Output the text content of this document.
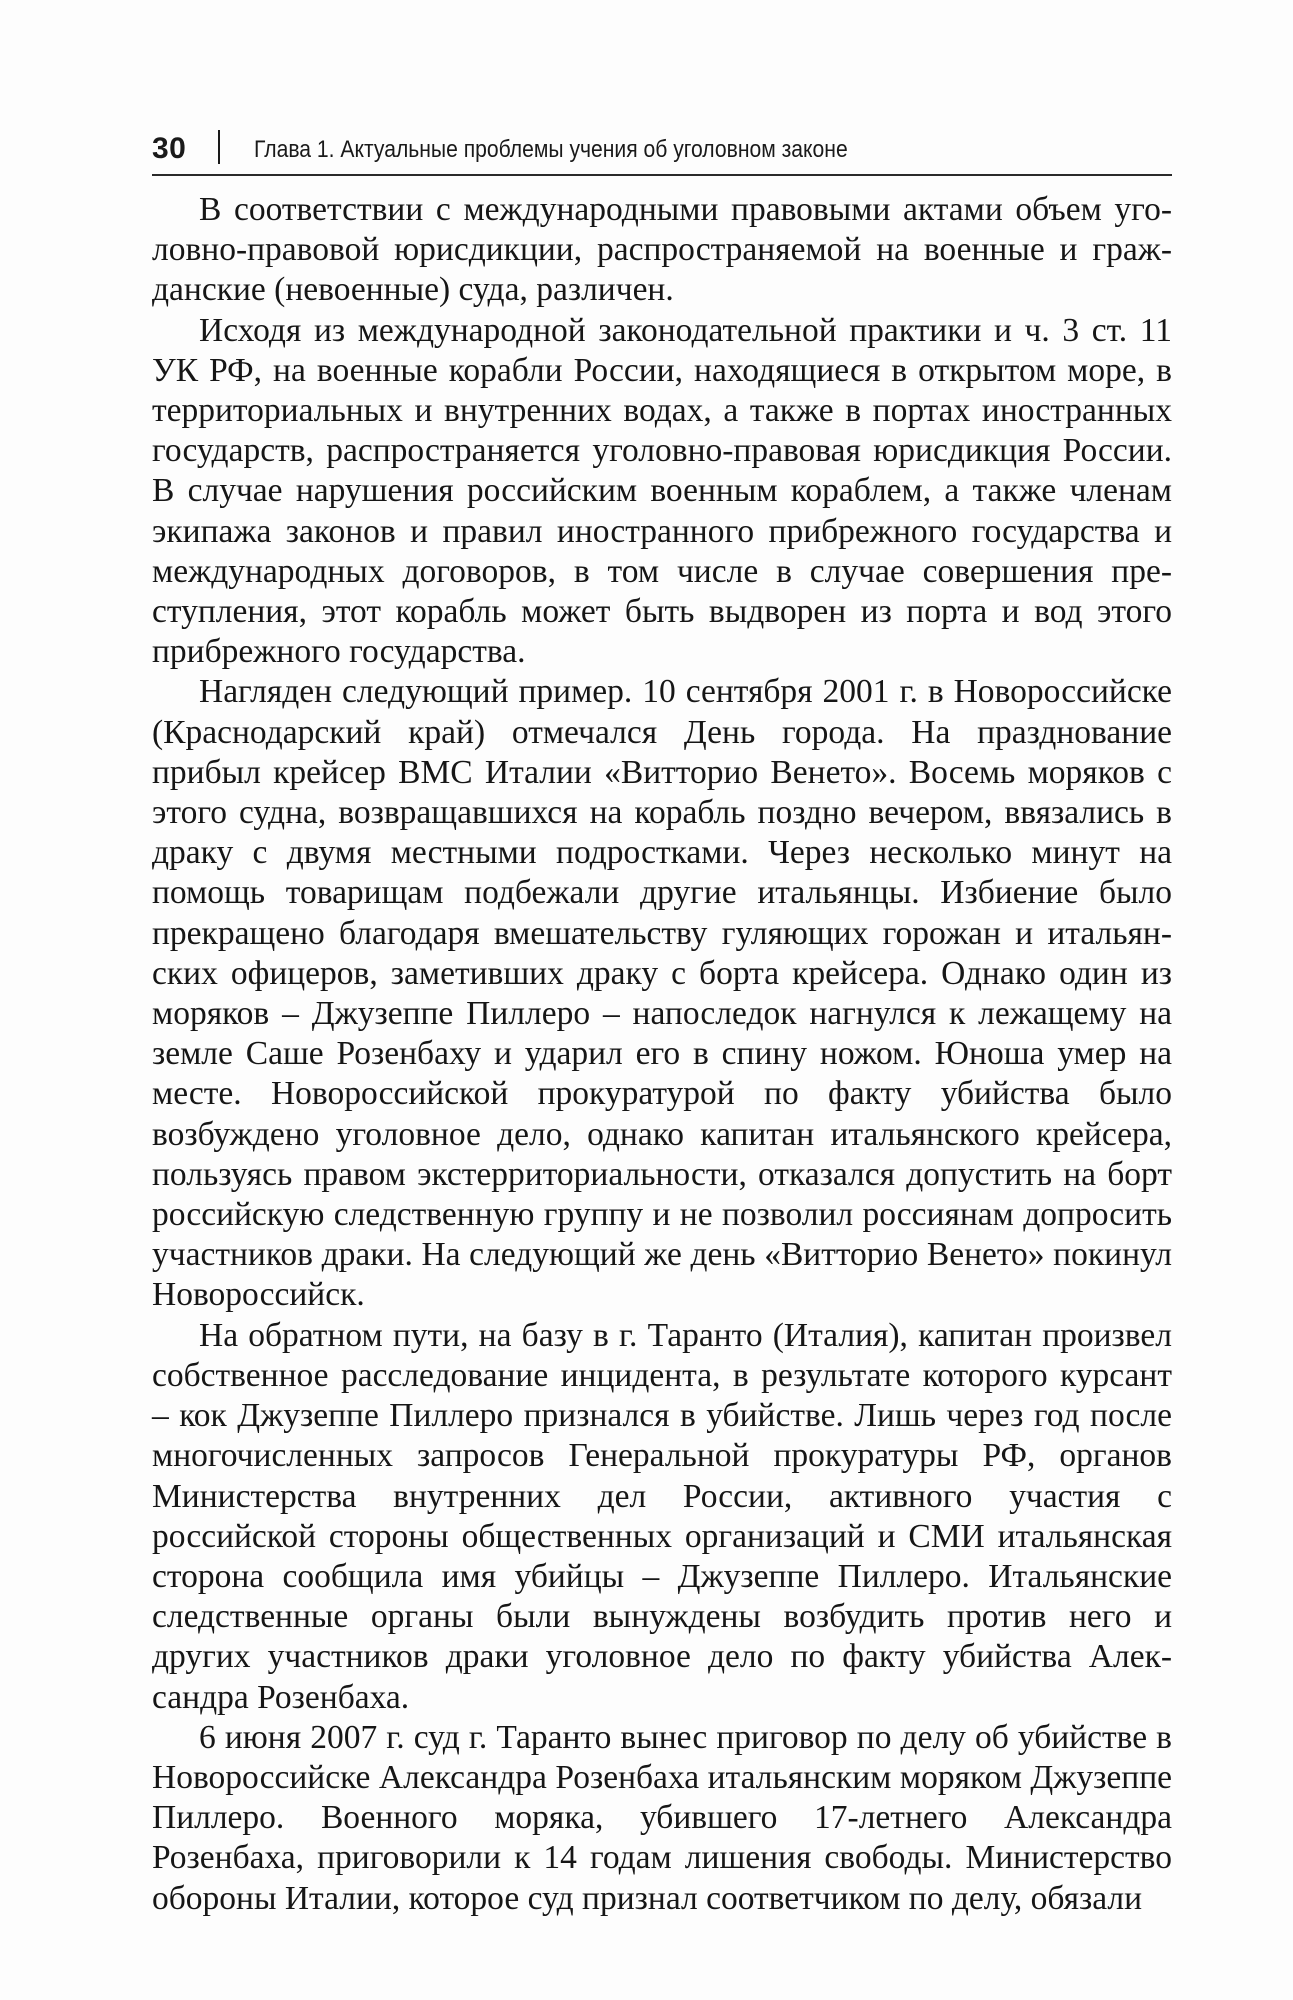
30	Глава 1. Актуальные проблемы учения об уголовном законе

В соответствии с международными правовыми актами объем уголовно-правовой юрисдикции, распространяемой на военные и гражданские (невоенные) суда, различен.

Исходя из международной законодательной практики и ч. 3 ст. 11 УК РФ, на военные корабли России, находящиеся в открытом море, в территориальных и внутренних водах, а также в портах иностранных государств, распространяется уголовно-правовая юрисдикция России. В случае нарушения российским военным кораблем, а также членам экипажа законов и правил иностранного прибрежного государства и международных договоров, в том числе в случае совершения преступления, этот корабль может быть выдворен из порта и вод этого прибрежного государства.

Нагляден следующий пример. 10 сентября 2001 г. в Новороссийске (Краснодарский край) отмечался День города. На празднование прибыл крейсер ВМС Италии «Витторио Венето». Восемь моряков с этого судна, возвращавшихся на корабль поздно вечером, ввязались в драку с двумя местными подростками. Через несколько минут на помощь товарищам подбежали другие итальянцы. Избиение было прекращено благодаря вмешательству гуляющих горожан и итальянских офицеров, заметивших драку с борта крейсера. Однако один из моряков – Джузеппе Пиллеро – напоследок нагнулся к лежащему на земле Саше Розенбаху и ударил его в спину ножом. Юноша умер на месте. Новороссийской прокуратурой по факту убийства было возбуждено уголовное дело, однако капитан итальянского крейсера, пользуясь правом экстерриториальности, отказался допустить на борт российскую следственную группу и не позволил россиянам допросить участников драки. На следующий же день «Витторио Венето» покинул Новороссийск.

На обратном пути, на базу в г. Таранто (Италия), капитан произвел собственное расследование инцидента, в результате которого курсант – кок Джузеппе Пиллеро признался в убийстве. Лишь через год после многочисленных запросов Генеральной прокуратуры РФ, органов Министерства внутренних дел России, активного участия с российской стороны общественных организаций и СМИ итальянская сторона сообщила имя убийцы – Джузеппе Пиллеро. Итальянские следственные органы были вынуждены возбудить против него и других участников драки уголовное дело по факту убийства Александра Розенбаха.

6 июня 2007 г. суд г. Таранто вынес приговор по делу об убийстве в Новороссийске Александра Розенбаха итальянским моряком Джузеппе Пиллеро. Военного моряка, убившего 17-летнего Александра Розенбаха, приговорили к 14 годам лишения свободы. Министерство обороны Италии, которое суд признал соответчиком по делу, обязали
